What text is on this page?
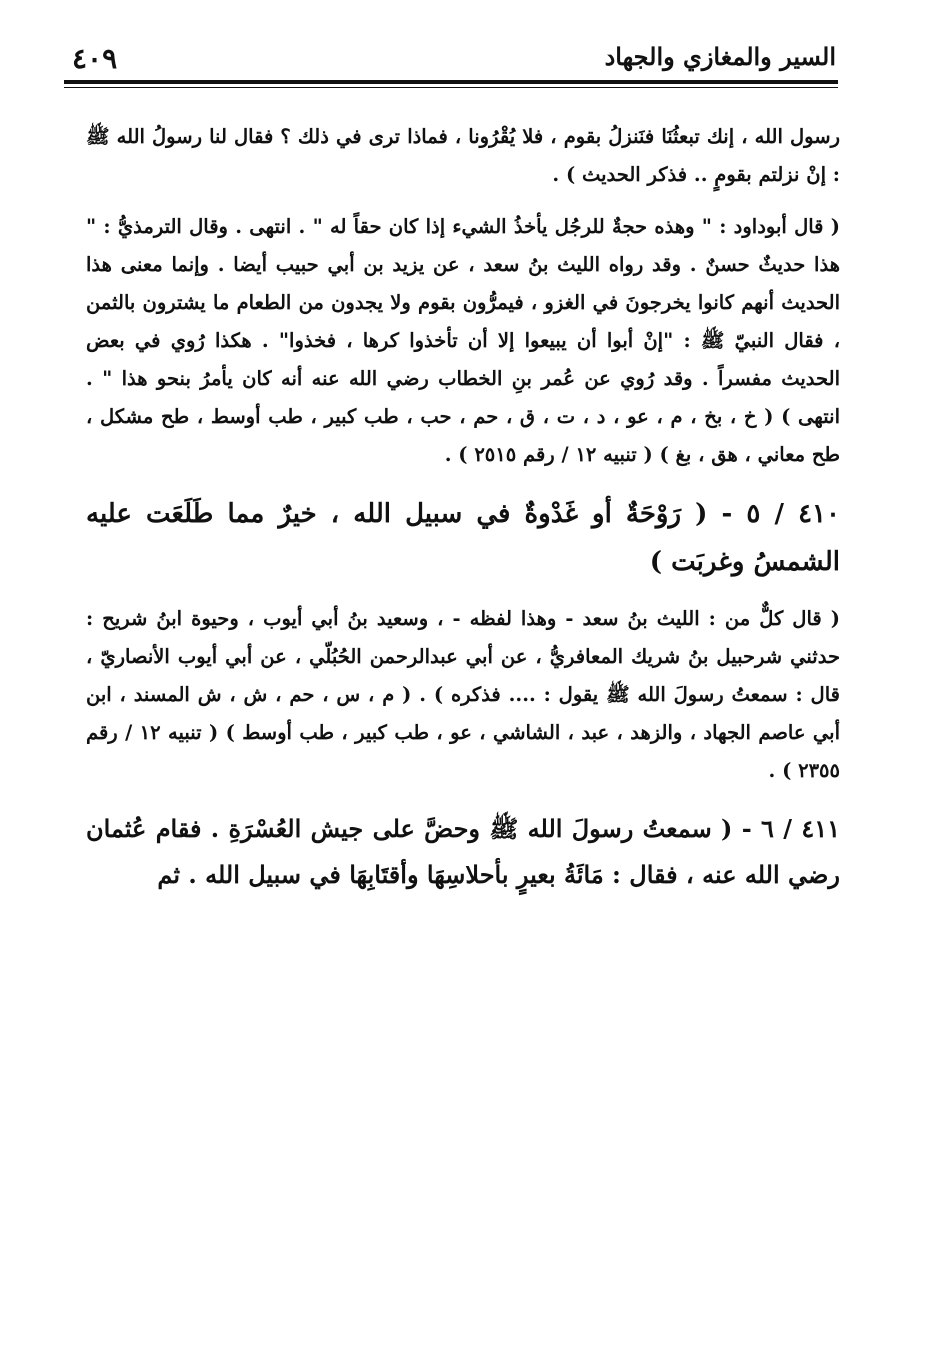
٤٠٩	السير والمغازي والجهاد

رسول الله ، إنك تبعثُنَا فنَنزلُ بقوم ، فلا يُقْرُونا ، فماذا ترى في ذلك ؟ فقال لنا رسولُ الله ﷺ : إنْ نزلتم بقومٍ .. فذكر الحديث ) .

( قال أبوداود : " وهذه حجةٌ للرجُل يأخذُ الشيء إذا كان حقاً له " . انتهى . وقال الترمذيُّ : " هذا حديثٌ حسنٌ . وقد رواه الليث بنُ سعد ، عن يزيد بن أبي حبيب أيضا . وإنما معنى هذا الحديث أنهم كانوا يخرجونَ في الغزو ، فيمرُّون بقوم ولا يجدون من الطعام ما يشترون بالثمن ، فقال النبيّ ﷺ : "إنْ أبوا أن يبيعوا إلا أن تأخذوا كرها ، فخذوا" . هكذا رُوي في بعض الحديث مفسراً . وقد رُوي عن عُمر بنِ الخطاب رضي الله عنه أنه كان يأمرُ بنحو هذا " . انتهى ) ( خ ، بخ ، م ، عو ، د ، ت ، ق ، حم ، حب ، طب كبير ، طب أوسط ، طح مشكل ، طح معاني ، هق ، بغ ) ( تنبيه ١٢ / رقم ٢٥١٥ ) .

٤١٠ / ٥ - ( رَوْحَةٌ أو غَدْوةٌ في سبيل الله ، خيرٌ مما طَلَعَت عليه الشمسُ وغربَت )

( قال كلٌّ من : الليث بنُ سعد - وهذا لفظه - ، وسعيد بنُ أبي أيوب ، وحيوة ابنُ شريح : حدثني شرحبيل بنُ شريك المعافريُّ ، عن أبي عبدالرحمن الحُبُلّي ، عن أبي أيوب الأنصاريّ ، قال : سمعتُ رسولَ الله ﷺ يقول : .... فذكره ) . ( م ، س ، حم ، ش ، ش المسند ، ابن أبي عاصم الجهاد ، والزهد ، عبد ، الشاشي ، عو ، طب كبير ، طب أوسط ) ( تنبيه ١٢ / رقم ٢٣٥٥ ) .

٤١١ / ٦ - ( سمعتُ رسولَ الله ﷺ وحضَّ على جيش العُسْرَةِ . فقام عُثمان رضي الله عنه ، فقال : مَائَةُ بعيرٍ بأحلاسِهَا وأقتَابِهَا في سبيل الله . ثم
